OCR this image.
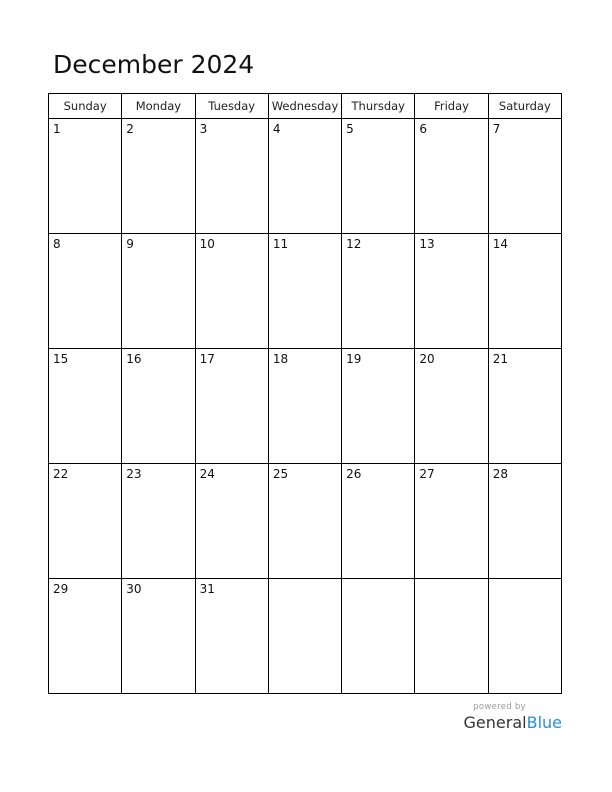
December 2024
Sunday	Monday	Tuesday	Wednesday	Thursday	Friday	Saturday

1	2	3	4	5	6	7

8	9	10	11	12	13	14

15	16	17	18	19	20	21

22	23	24	25	26	27	28

29	30	31				

powered by
GeneralBlue
